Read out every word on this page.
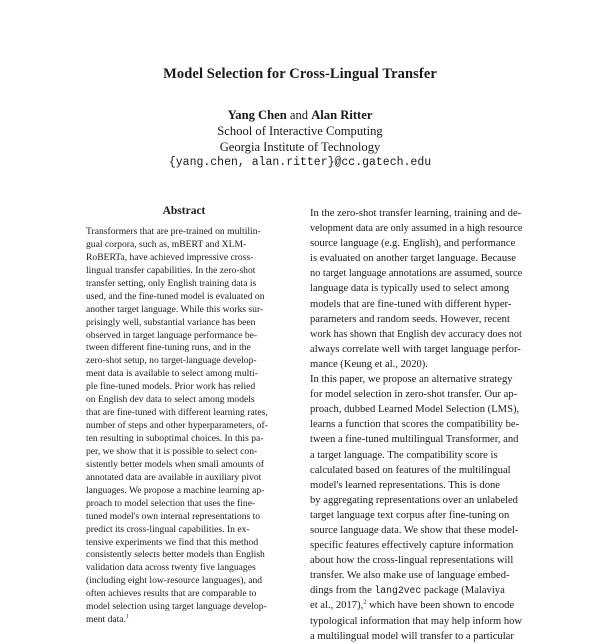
Model Selection for Cross-Lingual Transfer
Yang Chen and Alan Ritter
School of Interactive Computing
Georgia Institute of Technology
{yang.chen, alan.ritter}@cc.gatech.edu
Abstract
Transformers that are pre-trained on multilin-
gual corpora, such as, mBERT and XLM-
RoBERTa, have achieved impressive cross-
lingual transfer capabilities. In the zero-shot
transfer setting, only English training data is
used, and the fine-tuned model is evaluated on
another target language. While this works sur-
prisingly well, substantial variance has been
observed in target language performance be-
tween different fine-tuning runs, and in the
zero-shot setup, no target-language develop-
ment data is available to select among multi-
ple fine-tuned models. Prior work has relied
on English dev data to select among models
that are fine-tuned with different learning rates,
number of steps and other hyperparameters, of-
ten resulting in suboptimal choices. In this pa-
per, we show that it is possible to select con-
sistently better models when small amounts of
annotated data are available in auxiliary pivot
languages. We propose a machine learning ap-
proach to model selection that uses the fine-
tuned model's own internal representations to
predict its cross-lingual capabilities. In ex-
tensive experiments we find that this method
consistently selects better models than English
validation data across twenty five languages
(including eight low-resource languages), and
often achieves results that are comparable to
model selection using target language develop-
ment data.$^1$
In the zero-shot transfer learning, training and de-
velopment data are only assumed in a high resource
source language (e.g. English), and performance
is evaluated on another target language. Because
no target language annotations are assumed, source
language data is typically used to select among
models that are fine-tuned with different hyper-
parameters and random seeds. However, recent
work has shown that English dev accuracy does not
always correlate well with target language perfor-
mance (Keung et al., 2020).
In this paper, we propose an alternative strategy
for model selection in zero-shot transfer. Our ap-
proach, dubbed Learned Model Selection (LMS),
learns a function that scores the compatibility be-
tween a fine-tuned multilingual Transformer, and
a target language. The compatibility score is
calculated based on features of the multilingual
model's learned representations. This is done
by aggregating representations over an unlabeled
target language text corpus after fine-tuning on
source language data. We show that these model-
specific features effectively capture information
about how the cross-lingual representations will
transfer. We also make use of language embed-
dings from the lang2vec package (Malaviya
et al., 2017),$^2$ which have been shown to encode
typological information that may help inform how
a multilingual model will transfer to a particular
